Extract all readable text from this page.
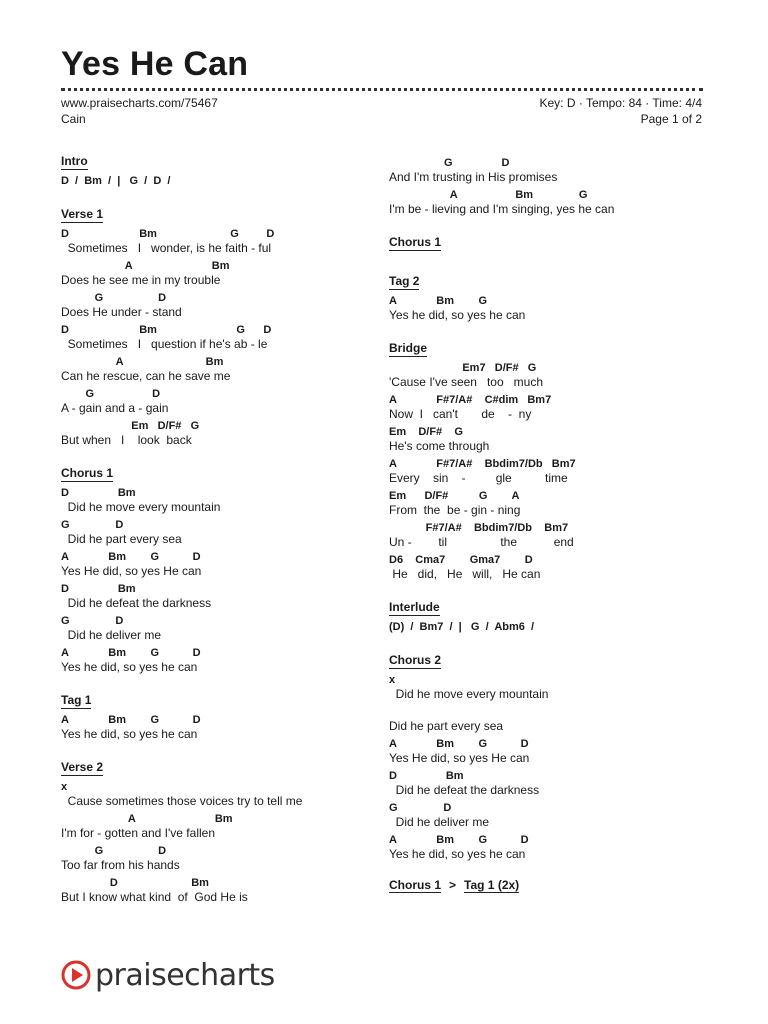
Yes He Can
www.praisecharts.com/75467
Cain
Key: D · Tempo: 84 · Time: 4/4
Page 1 of 2
Intro
D  /  Bm  /  |   G  /  D  /
Verse 1
D                       Bm                        G         D
Sometimes   I   wonder, is he faith - ful
A                          Bm
Does he see me in my trouble
G                  D
Does He under - stand
D                       Bm                          G      D
Sometimes   I   question if he's ab - le
A                           Bm
Can he rescue, can he save me
G                   D
A - gain and a - gain
Em   D/F#   G
But when   I    look  back
Chorus 1
D                Bm
Did he move every mountain
G               D
Did he part every sea
A             Bm        G           D
Yes He did, so yes He can
D                Bm
Did he defeat the darkness
G               D
Did he deliver me
A             Bm        G           D
Yes he did, so yes he can
Tag 1
A             Bm        G           D
Yes he did, so yes he can
Verse 2
x
Cause sometimes those voices try to tell me
A                          Bm
I'm for - gotten and I've fallen
G                  D
Too far from his hands
D                        Bm
But I know what kind  of  God He is
G                D
And I'm trusting in His promises
A                   Bm               G
I'm be - lieving and I'm singing, yes he can
Chorus 1
Tag 2
A             Bm        G
Yes he did, so yes he can
Bridge
Em7   D/F#   G
'Cause I've seen   too   much
A             F#7/A#    C#dim   Bm7
Now  I   can't       de    -  ny
Em    D/F#    G
He's come through
A             F#7/A#    Bbdim7/Db   Bm7
Every    sin    -         gle          time
Em      D/F#          G        A
From  the  be - gin - ning
F#7/A#    Bbdim7/Db    Bm7
Un -        til                the           end
D6    Cma7        Gma7        D
He   did,   He   will,   He can
Interlude
(D)  /  Bm7  /  |   G  /  Abm6  /
Chorus 2
x
Did he move every mountain
Did he part every sea
A             Bm        G           D
Yes He did, so yes He can
D                Bm
Did he defeat the darkness
G               D
Did he deliver me
A             Bm        G           D
Yes he did, so yes he can
Chorus 1 > Tag 1 (2x)
praisecharts
